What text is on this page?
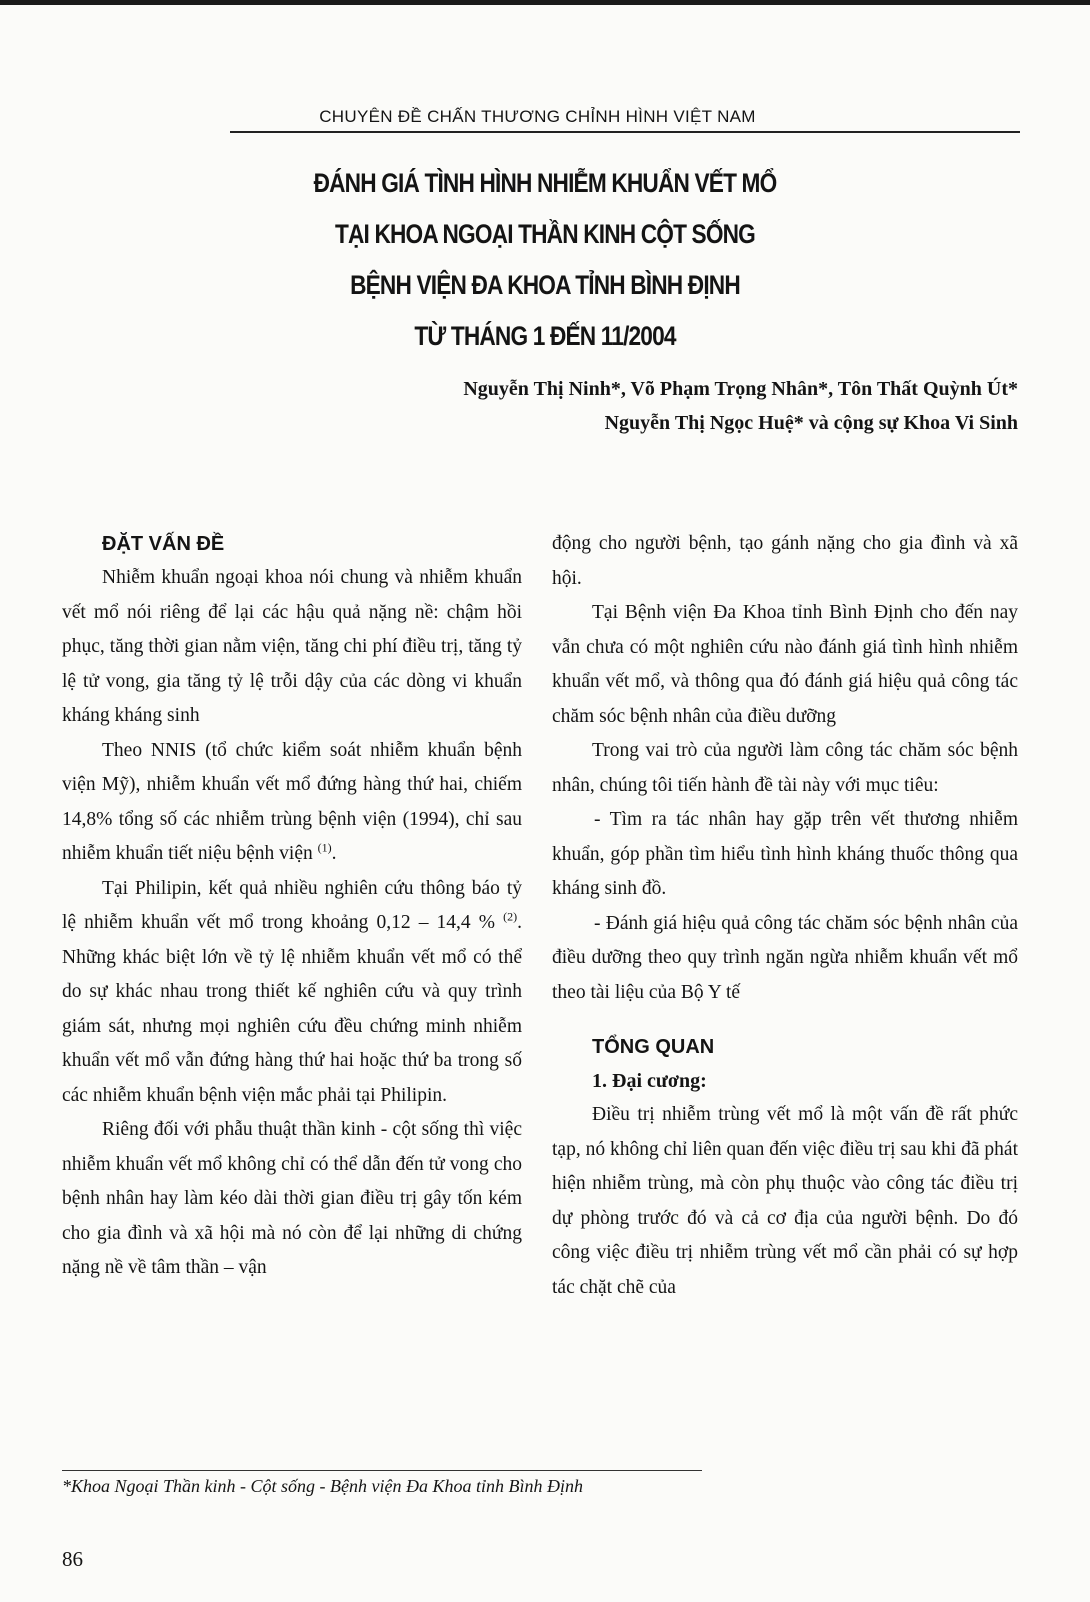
CHUYÊN ĐỀ CHẤN THƯƠNG CHỈNH HÌNH VIỆT NAM
ĐÁNH GIÁ TÌNH HÌNH NHIỄM KHUẨN VẾT MỔ
TẠI KHOA NGOẠI THẦN KINH CỘT SỐNG
BỆNH VIỆN ĐA KHOA TỈNH BÌNH ĐỊNH
TỪ THÁNG 1 ĐẾN 11/2004
Nguyễn Thị Ninh*, Võ Phạm Trọng Nhân*, Tôn Thất Quỳnh Út*
Nguyễn Thị Ngọc Huệ* và cộng sự Khoa Vi Sinh

ĐẶT VẤN ĐỀ

Nhiễm khuẩn ngoại khoa nói chung và nhiễm khuẩn vết mổ nói riêng để lại các hậu quả nặng nề: chậm hồi phục, tăng thời gian nằm viện, tăng chi phí điều trị, tăng tỷ lệ tử vong, gia tăng tỷ lệ trỗi dậy của các dòng vi khuẩn kháng kháng sinh

Theo NNIS (tổ chức kiểm soát nhiễm khuẩn bệnh viện Mỹ), nhiễm khuẩn vết mổ đứng hàng thứ hai, chiếm 14,8% tổng số các nhiễm trùng bệnh viện (1994), chỉ sau nhiễm khuẩn tiết niệu bệnh viện $^{(1)}$.

Tại Philipin, kết quả nhiều nghiên cứu thông báo tỷ lệ nhiễm khuẩn vết mổ trong khoảng 0,12 – 14,4 % $^{(2)}$. Những khác biệt lớn về tỷ lệ nhiễm khuẩn vết mổ có thể do sự khác nhau trong thiết kế nghiên cứu và quy trình giám sát, nhưng mọi nghiên cứu đều chứng minh nhiễm khuẩn vết mổ vẫn đứng hàng thứ hai hoặc thứ ba trong số các nhiễm khuẩn bệnh viện mắc phải tại Philipin.

Riêng đối với phẫu thuật thần kinh - cột sống thì việc nhiễm khuẩn vết mổ không chỉ có thể dẫn đến tử vong cho bệnh nhân hay làm kéo dài thời gian điều trị gây tốn kém cho gia đình và xã hội mà nó còn để lại những di chứng nặng nề về tâm thần – vận

động cho người bệnh, tạo gánh nặng cho gia đình và xã hội.

Tại Bệnh viện Đa Khoa tỉnh Bình Định cho đến nay vẫn chưa có một nghiên cứu nào đánh giá tình hình nhiễm khuẩn vết mổ, và thông qua đó đánh giá hiệu quả công tác chăm sóc bệnh nhân của điều dưỡng

Trong vai trò của người làm công tác chăm sóc bệnh nhân, chúng tôi tiến hành đề tài này với mục tiêu:

- Tìm ra tác nhân hay gặp trên vết thương nhiễm khuẩn, góp phần tìm hiểu tình hình kháng thuốc thông qua kháng sinh đồ.

- Đánh giá hiệu quả công tác chăm sóc bệnh nhân của điều dưỡng theo quy trình ngăn ngừa nhiễm khuẩn vết mổ theo tài liệu của Bộ Y tế

TỔNG QUAN

1. Đại cương:

Điều trị nhiễm trùng vết mổ là một vấn đề rất phức tạp, nó không chỉ liên quan đến việc điều trị sau khi đã phát hiện nhiễm trùng, mà còn phụ thuộc vào công tác điều trị dự phòng trước đó và cả cơ địa của người bệnh. Do đó công việc điều trị nhiễm trùng vết mổ cần phải có sự hợp tác chặt chẽ của

*Khoa Ngoại Thần kinh - Cột sống - Bệnh viện Đa Khoa tỉnh Bình Định
86
